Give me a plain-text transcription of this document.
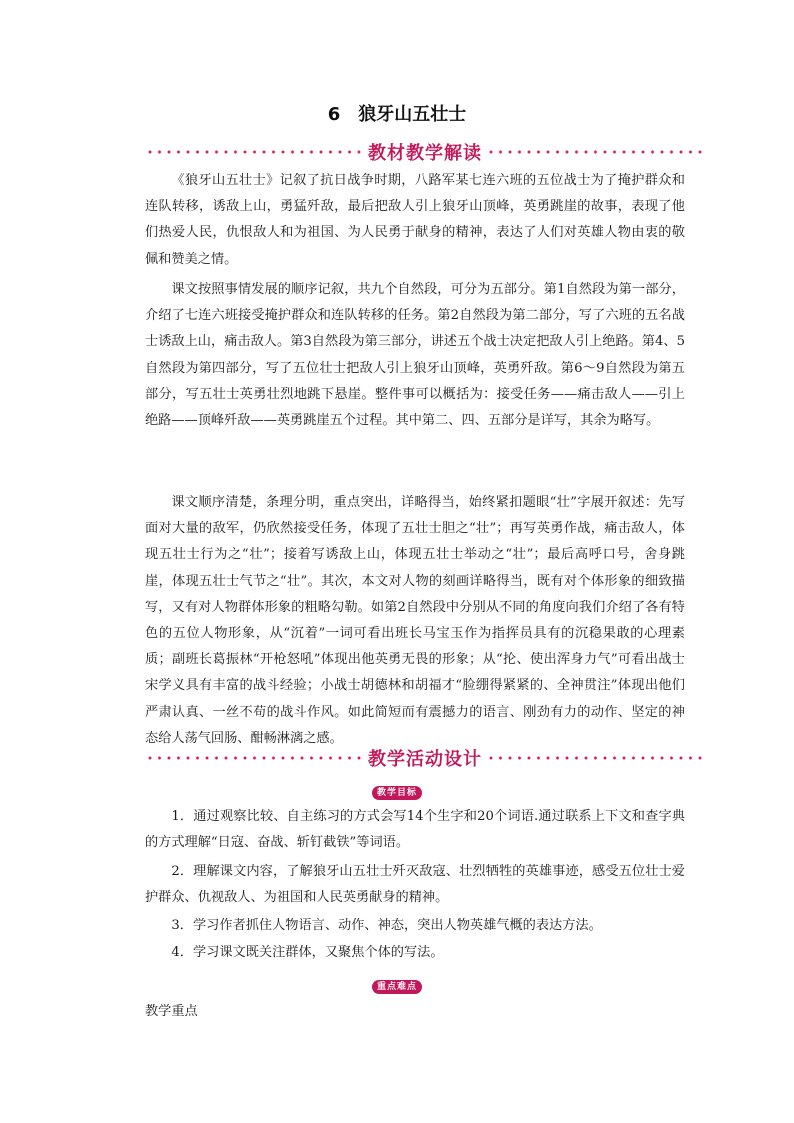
6 狼牙山五壮士
教材教学解读

《狼牙山五壮士》记叙了抗日战争时期，八路军某七连六班的五位战士为了掩护群众和连队转移，诱敌上山，勇猛歼敌，最后把敌人引上狼牙山顶峰，英勇跳崖的故事，表现了他们热爱人民，仇恨敌人和为祖国、为人民勇于献身的精神，表达了人们对英雄人物由衷的敬佩和赞美之情。

课文按照事情发展的顺序记叙，共九个自然段，可分为五部分。第1自然段为第一部分，介绍了七连六班接受掩护群众和连队转移的任务。第2自然段为第二部分，写了六班的五名战士诱敌上山，痛击敌人。第3自然段为第三部分，讲述五个战士决定把敌人引上绝路。第4、5自然段为第四部分，写了五位壮士把敌人引上狼牙山顶峰，英勇歼敌。第6～9自然段为第五部分，写五壮士英勇壮烈地跳下悬崖。整件事可以概括为：接受任务——痛击敌人——引上绝路——顶峰歼敌——英勇跳崖五个过程。其中第二、四、五部分是详写，其余为略写。

课文顺序清楚，条理分明，重点突出，详略得当，始终紧扣题眼“壮”字展开叙述：先写面对大量的敌军，仍欣然接受任务，体现了五壮士胆之“壮”；再写英勇作战，痛击敌人，体现五壮士行为之“壮”；接着写诱敌上山，体现五壮士举动之“壮”；最后高呼口号，舍身跳崖，体现五壮士气节之“壮”。其次，本文对人物的刻画详略得当，既有对个体形象的细致描写，又有对人物群体形象的粗略勾勒。如第2自然段中分别从不同的角度向我们介绍了各有特色的五位人物形象，从“沉着”一词可看出班长马宝玉作为指挥员具有的沉稳果敢的心理素质；副班长葛振林“开枪怒吼”体现出他英勇无畏的形象；从“抡、使出浑身力气”可看出战士宋学义具有丰富的战斗经验；小战士胡德林和胡福才“脸绷得紧紧的、全神贯注”体现出他们严肃认真、一丝不苟的战斗作风。如此简短而有震撼力的语言、刚劲有力的动作、坚定的神态给人荡气回肠、酣畅淋漓之感。

教学活动设计
教学目标

1．通过观察比较、自主练习的方式会写14个生字和20个词语.通过联系上下文和查字典的方式理解“日寇、奋战、斩钉截铁”等词语。

2．理解课文内容，了解狼牙山五壮士歼灭敌寇、壮烈牺牲的英雄事迹，感受五位壮士爱护群众、仇视敌人、为祖国和人民英勇献身的精神。

3．学习作者抓住人物语言、动作、神态，突出人物英雄气概的表达方法。

4．学习课文既关注群体，又聚焦个体的写法。

重点难点

教学重点
